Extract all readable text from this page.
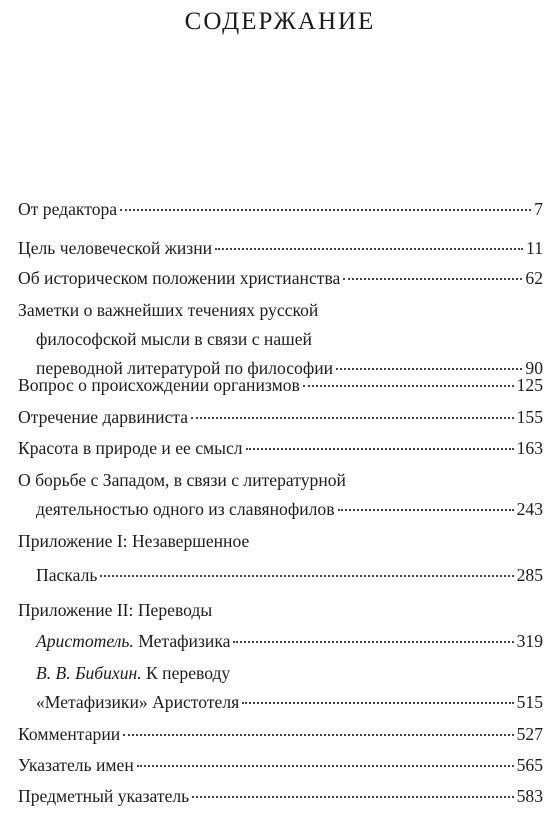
СОДЕРЖАНИЕ
От редактора	7
Цель человеческой жизни	11
Об историческом положении христианства	62
Заметки о важнейших течениях русской
философской мысли в связи с нашей
переводной литературой по философии	90
Вопрос о происхождении организмов	125
Отречение дарвиниста	155
Красота в природе и ее смысл	163
О борьбе с Западом, в связи с литературной
деятельностью одного из славянофилов	243
Приложение I: Незавершенное
Паскаль	285
Приложение II: Переводы
Аристотель. Метафизика	319
В. В. Бибихин. К переводу
«Метафизики» Аристотеля	515
Комментарии	527
Указатель имен	565
Предметный указатель	583
